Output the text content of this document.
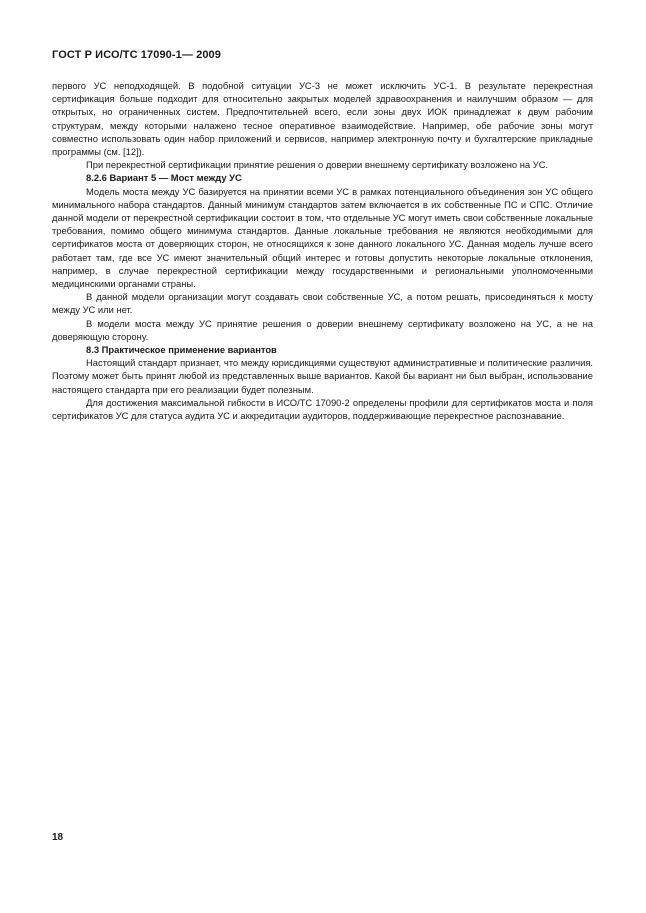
ГОСТ Р ИСО/ТС 17090-1— 2009

первого УС неподходящей. В подобной ситуации УС-3 не может исключить УС-1. В результате перекрестная сертификация больше подходит для относительно закрытых моделей здравоохранения и наилучшим образом — для открытых, но ограниченных систем. Предпочтительней всего, если зоны двух ИОК принадлежат к двум рабочим структурам, между которыми налажено тесное оперативное взаимодействие. Например, обе рабочие зоны могут совместно использовать один набор приложений и сервисов, например электронную почту и бухгалтерские прикладные программы (см. [12]).

При перекрестной сертификации принятие решения о доверии внешнему сертификату возложено на УС.

8.2.6 Вариант 5 — Мост между УС

Модель моста между УС базируется на принятии всеми УС в рамках потенциального объединения зон УС общего минимального набора стандартов. Данный минимум стандартов затем включается в их собственные ПС и СПС. Отличие данной модели от перекрестной сертификации состоит в том, что отдельные УС могут иметь свои собственные локальные требования, помимо общего минимума стандартов. Данные локальные требования не являются необходимыми для сертификатов моста от доверяющих сторон, не относящихся к зоне данного локального УС. Данная модель лучше всего работает там, где все УС имеют значительный общий интерес и готовы допустить некоторые локальные отклонения, например, в случае перекрестной сертификации между государственными и региональными уполномоченными медицинскими органами страны.

В данной модели организации могут создавать свои собственные УС, а потом решать, присоединяться к мосту между УС или нет.

В модели моста между УС принятие решения о доверии внешнему сертификату возложено на УС, а не на доверяющую сторону.

8.3 Практическое применение вариантов

Настоящий стандарт признает, что между юрисдикциями существуют административные и политические различия. Поэтому может быть принят любой из представленных выше вариантов. Какой бы вариант ни был выбран, использование настоящего стандарта при его реализации будет полезным.

Для достижения максимальной гибкости в ИСО/ТС 17090-2 определены профили для сертификатов моста и поля сертификатов УС для статуса аудита УС и аккредитации аудиторов, поддерживающие перекрестное распознавание.

18
